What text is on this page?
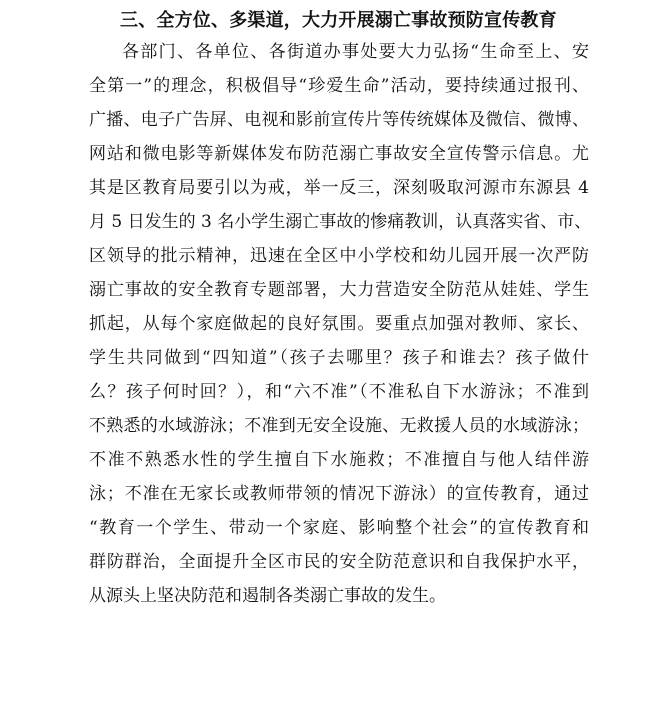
三、全方位、多渠道，大力开展溺亡事故预防宣传教育
各部门、各单位、各街道办事处要大力弘扬“生命至上、安
全第一”的理念，积极倡导“珍爱生命”活动，要持续通过报刊、
广播、电子广告屏、电视和影前宣传片等传统媒体及微信、微博、
网站和微电影等新媒体发布防范溺亡事故安全宣传警示信息。尤
其是区教育局要引以为戒，举一反三，深刻吸取河源市东源县 4
月 5 日发生的 3 名小学生溺亡事故的惨痛教训，认真落实省、市、
区领导的批示精神，迅速在全区中小学校和幼儿园开展一次严防
溺亡事故的安全教育专题部署，大力营造安全防范从娃娃、学生
抓起，从每个家庭做起的良好氛围。要重点加强对教师、家长、
学生共同做到“四知道”（孩子去哪里？孩子和谁去？孩子做什
么？孩子何时回？），和“六不准”（不准私自下水游泳；不准到
不熟悉的水域游泳；不准到无安全设施、无救援人员的水域游泳；
不准不熟悉水性的学生擅自下水施救；不准擅自与他人结伴游
泳；不准在无家长或教师带领的情况下游泳）的宣传教育，通过
“教育一个学生、带动一个家庭、影响整个社会”的宣传教育和
群防群治，全面提升全区市民的安全防范意识和自我保护水平，
从源头上坚决防范和遏制各类溺亡事故的发生。
